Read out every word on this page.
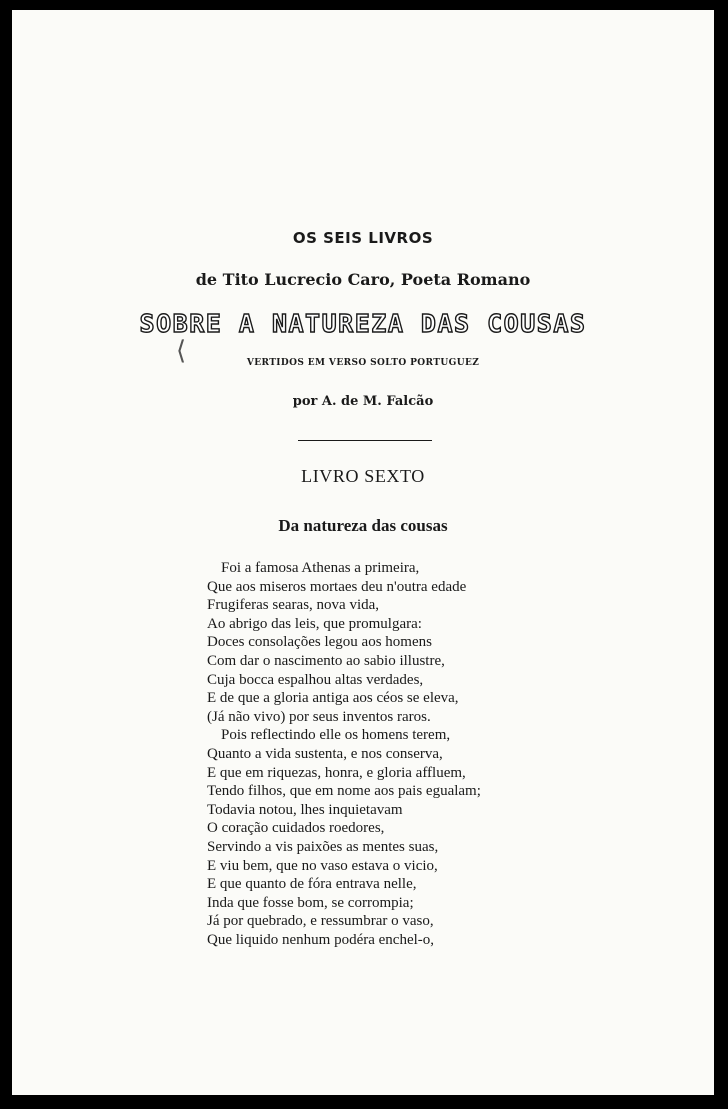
OS SEIS LIVROS

de Tito Lucrecio Caro, Poeta Romano

⟨

SOBRE A NATUREZA DAS COUSAS

VERTIDOS EM VERSO SOLTO PORTUGUEZ

por A. de M. Falcão

LIVRO SEXTO

Da natureza das cousas

Foi a famosa Athenas a primeira,
Que aos miseros mortaes deu n'outra edade
Frugiferas searas, nova vida,
Ao abrigo das leis, que promulgara:
Doces consolações legou aos homens
Com dar o nascimento ao sabio illustre,
Cuja bocca espalhou altas verdades,
E de que a gloria antiga aos céos se eleva,
(Já não vivo) por seus inventos raros.
Pois reflectindo elle os homens terem,
Quanto a vida sustenta, e nos conserva,
E que em riquezas, honra, e gloria affluem,
Tendo filhos, que em nome aos pais egualam;
Todavia notou, lhes inquietavam
O coração cuidados roedores,
Servindo a vis paixões as mentes suas,
E viu bem, que no vaso estava o vicio,
E que quanto de fóra entrava nelle,
Inda que fosse bom, se corrompia;
Já por quebrado, e ressumbrar o vaso,
Que liquido nenhum podéra enchel-o,
